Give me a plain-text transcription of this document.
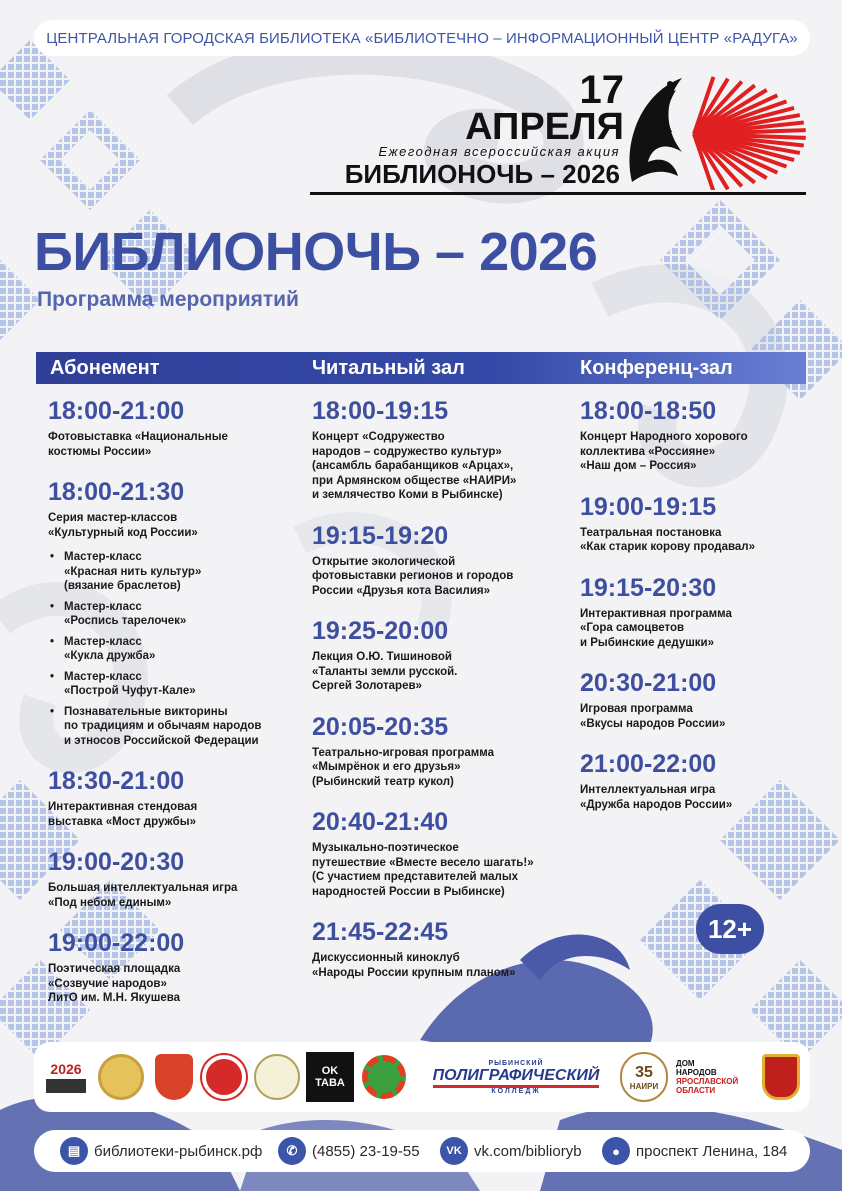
ЦЕНТРАЛЬНАЯ ГОРОДСКАЯ БИБЛИОТЕКА «БИБЛИОТЕЧНО – ИНФОРМАЦИОННЫЙ ЦЕНТР «РАДУГА»
17
АПРЕЛЯ
Ежегодная всероссийская акция
БИБЛИОНОЧЬ – 2026
БИБЛИОНОЧЬ – 2026
Программа мероприятий
Абонемент	Читальный зал	Конференц-зал
18:00-21:00
Фотовыставка «Национальные
костюмы России»
18:00-21:30
Серия мастер-классов
«Культурный код России»
• Мастер-класс
«Красная нить культур»
(вязание браслетов)
• Мастер-класс
«Роспись тарелочек»
• Мастер-класс
«Кукла дружба»
• Мастер-класс
«Построй Чуфут-Кале»
• Познавательные викторины
по традициям и обычаям народов
и этносов Российской Федерации
18:30-21:00
Интерактивная стендовая
выставка «Мост дружбы»
19:00-20:30
Большая интеллектуальная игра
«Под небом единым»
19:00-22:00
Поэтическая площадка
«Созвучие народов»
ЛитО им. М.Н. Якушева
18:00-19:15
Концерт «Содружество
народов – содружество культур»
(ансамбль барабанщиков «Арцах»,
при Армянском обществе «НАИРИ»
и землячество Коми в Рыбинске)
19:15-19:20
Открытие экологической
фотовыставки регионов и городов
России «Друзья кота Василия»
19:25-20:00
Лекция О.Ю. Тишиновой
«Таланты земли русской.
Сергей Золотарев»
20:05-20:35
Театрально-игровая программа
«Мымрёнок и его друзья»
(Рыбинский театр кукол)
20:40-21:40
Музыкально-поэтическое
путешествие «Вместе весело шагать!»
(С участием представителей малых
народностей России в Рыбинске)
21:45-22:45
Дискуссионный киноклуб
«Народы России крупным планом»
18:00-18:50
Концерт Народного хорового
коллектива «Россияне»
«Наш дом – Россия»
19:00-19:15
Театральная постановка
«Как старик корову продавал»
19:15-20:30
Интерактивная программа
«Гора самоцветов
и Рыбинские дедушки»
20:30-21:00
Игровая программа
«Вкусы народов России»
21:00-22:00
Интеллектуальная игра
«Дружба народов России»
12+
2026	OK
TABA
РЫБИНСКИЙ
ПОЛИГРАФИЧЕСКИЙ
КОЛЛЕДЖ
35
НАИРИ
ДОМ
НАРОДОВ
ЯРОСЛАВСКОЙ
ОБЛАСТИ
▤ библиотеки-рыбинск.рф	✆ (4855) 23-19-55	VK vk.com/biblioryb	●	проспект Ленина, 184
